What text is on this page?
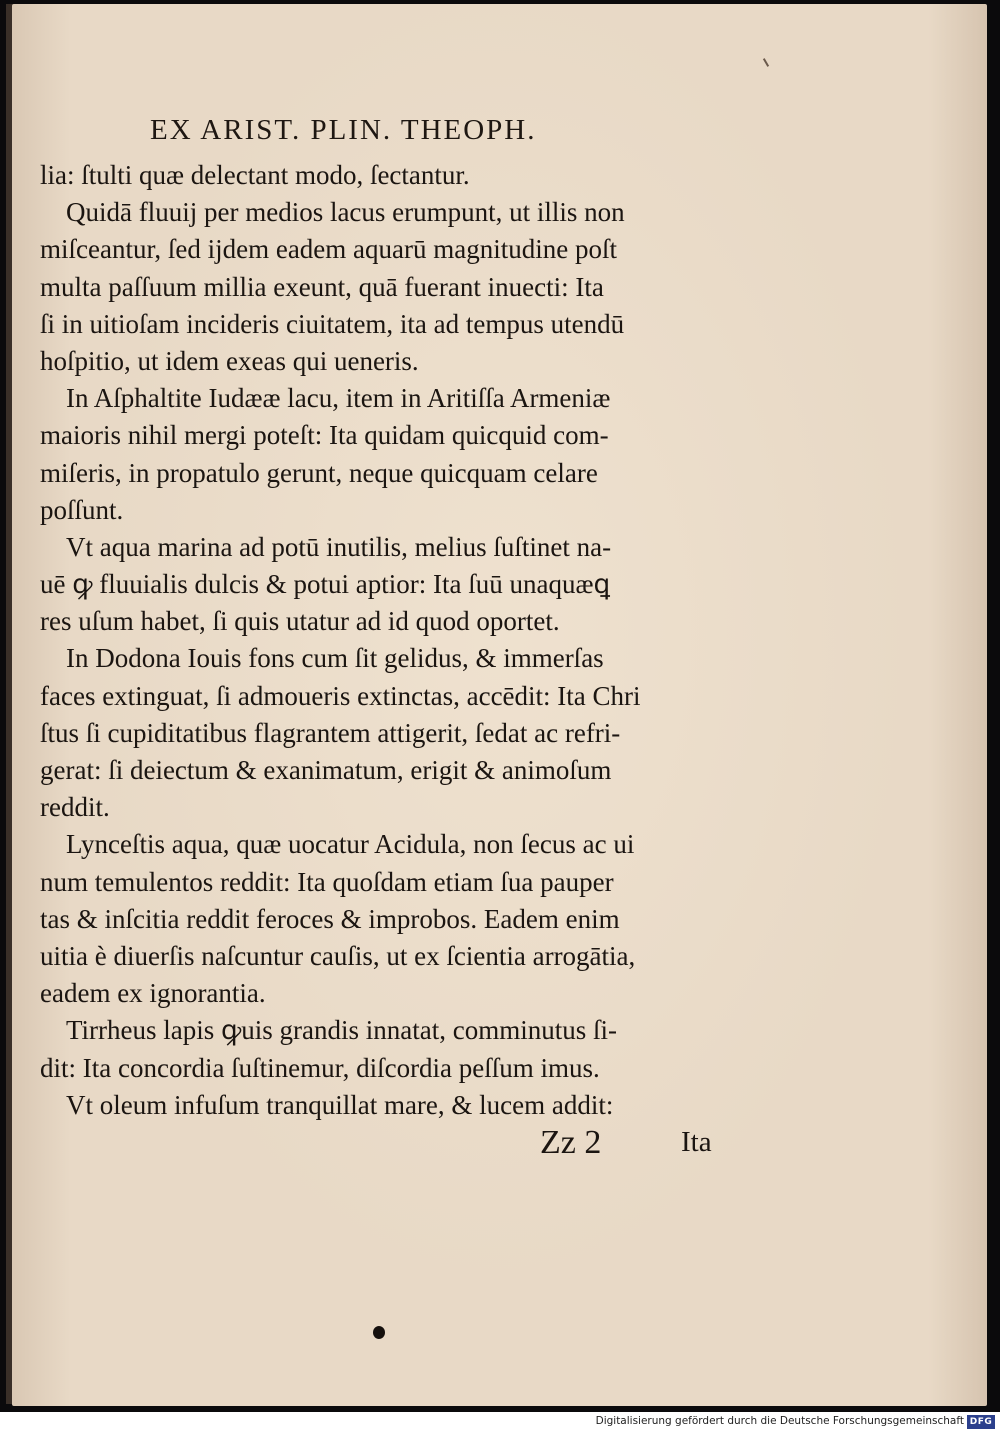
EX ARIST. PLIN. THEOPH.
lia: ſtulti quæ delectant modo, ſectantur.
Quidā fluuij per medios lacus erumpunt, ut illis non
miſceantur, ſed ijdem eadem aquarū magnitudine poſt
multa paſſuum millia exeunt, quā fuerant inuecti: Ita
ſi in uitioſam incideris ciuitatem, ita ad tempus utendū
hoſpitio, ut idem exeas qui ueneris.
In Aſphaltite Iudææ lacu, item in Aritiſſa Armeniæ
maioris nihil mergi poteſt: Ita quidam quicquid com-
miſeris, in propatulo gerunt, neque quicquam celare
poſſunt.
Vt aqua marina ad potū inutilis, melius ſuſtinet na-
uē ꝙ fluuialis dulcis & potui aptior: Ita ſuū unaquæꝗ
res uſum habet, ſi quis utatur ad id quod oportet.
In Dodona Iouis fons cum ſit gelidus, & immerſas
faces extinguat, ſi admoueris extinctas, accēdit: Ita Chri
ſtus ſi cupiditatibus flagrantem attigerit, ſedat ac refri-
gerat: ſi deiectum & exanimatum, erigit & animoſum
reddit.
Lynceſtis aqua, quæ uocatur Acidula, non ſecus ac ui
num temulentos reddit: Ita quoſdam etiam ſua pauper
tas & inſcitia reddit feroces & improbos. Eadem enim
uitia è diuerſis naſcuntur cauſis, ut ex ſcientia arrogātia,
eadem ex ignorantia.
Tirrheus lapis ꝙuis grandis innatat, comminutus ſi-
dit: Ita concordia ſuſtinemur, diſcordia peſſum imus.
Vt oleum infuſum tranquillat mare, & lucem addit:
Zz 2	Ita
Digitalisierung gefördert durch die Deutsche Forschungsgemeinschaft DFG
